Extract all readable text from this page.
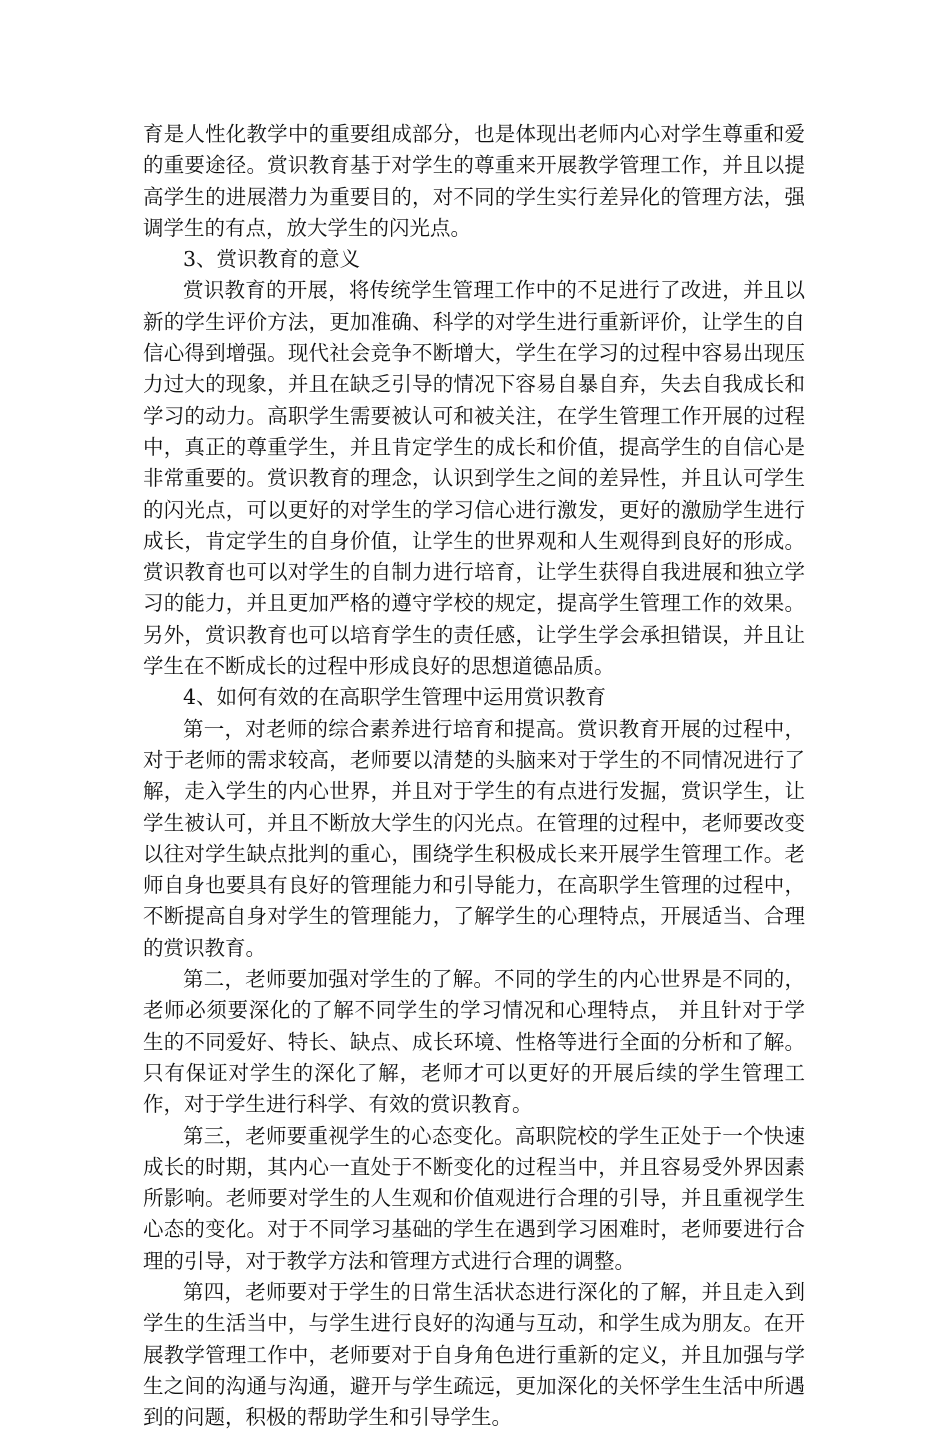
育是人性化教学中的重要组成部分，也是体现出老师内心对学生尊重和爱的重要途径。赏识教育基于对学生的尊重来开展教学管理工作，并且以提高学生的进展潜力为重要目的，对不同的学生实行差异化的管理方法，强调学生的有点，放大学生的闪光点。

3、赏识教育的意义

赏识教育的开展，将传统学生管理工作中的不足进行了改进，并且以新的学生评价方法，更加准确、科学的对学生进行重新评价，让学生的自信心得到增强。现代社会竞争不断增大，学生在学习的过程中容易出现压力过大的现象，并且在缺乏引导的情况下容易自暴自弃，失去自我成长和学习的动力。高职学生需要被认可和被关注，在学生管理工作开展的过程中，真正的尊重学生，并且肯定学生的成长和价值，提高学生的自信心是非常重要的。赏识教育的理念，认识到学生之间的差异性，并且认可学生的闪光点，可以更好的对学生的学习信心进行激发，更好的激励学生进行成长，肯定学生的自身价值，让学生的世界观和人生观得到良好的形成。赏识教育也可以对学生的自制力进行培育，让学生获得自我进展和独立学习的能力，并且更加严格的遵守学校的规定，提高学生管理工作的效果。另外，赏识教育也可以培育学生的责任感，让学生学会承担错误，并且让学生在不断成长的过程中形成良好的思想道德品质。

4、如何有效的在高职学生管理中运用赏识教育

第一，对老师的综合素养进行培育和提高。赏识教育开展的过程中，对于老师的需求较高，老师要以清楚的头脑来对于学生的不同情况进行了解，走入学生的内心世界，并且对于学生的有点进行发掘，赏识学生，让学生被认可，并且不断放大学生的闪光点。在管理的过程中，老师要改变以往对学生缺点批判的重心，围绕学生积极成长来开展学生管理工作。老师自身也要具有良好的管理能力和引导能力，在高职学生管理的过程中，不断提高自身对学生的管理能力，了解学生的心理特点，开展适当、合理的赏识教育。

第二，老师要加强对学生的了解。不同的学生的内心世界是不同的，老师必须要深化的了解不同学生的学习情况和心理特点， 并且针对于学生的不同爱好、特长、缺点、成长环境、性格等进行全面的分析和了解。只有保证对学生的深化了解，老师才可以更好的开展后续的学生管理工作，对于学生进行科学、有效的赏识教育。

第三，老师要重视学生的心态变化。高职院校的学生正处于一个快速成长的时期，其内心一直处于不断变化的过程当中，并且容易受外界因素所影响。老师要对学生的人生观和价值观进行合理的引导，并且重视学生心态的变化。对于不同学习基础的学生在遇到学习困难时，老师要进行合理的引导，对于教学方法和管理方式进行合理的调整。

第四，老师要对于学生的日常生活状态进行深化的了解，并且走入到学生的生活当中，与学生进行良好的沟通与互动，和学生成为朋友。在开展教学管理工作中，老师要对于自身角色进行重新的定义，并且加强与学生之间的沟通与沟通，避开与学生疏远，更加深化的关怀学生生活中所遇到的问题，积极的帮助学生和引导学生。
